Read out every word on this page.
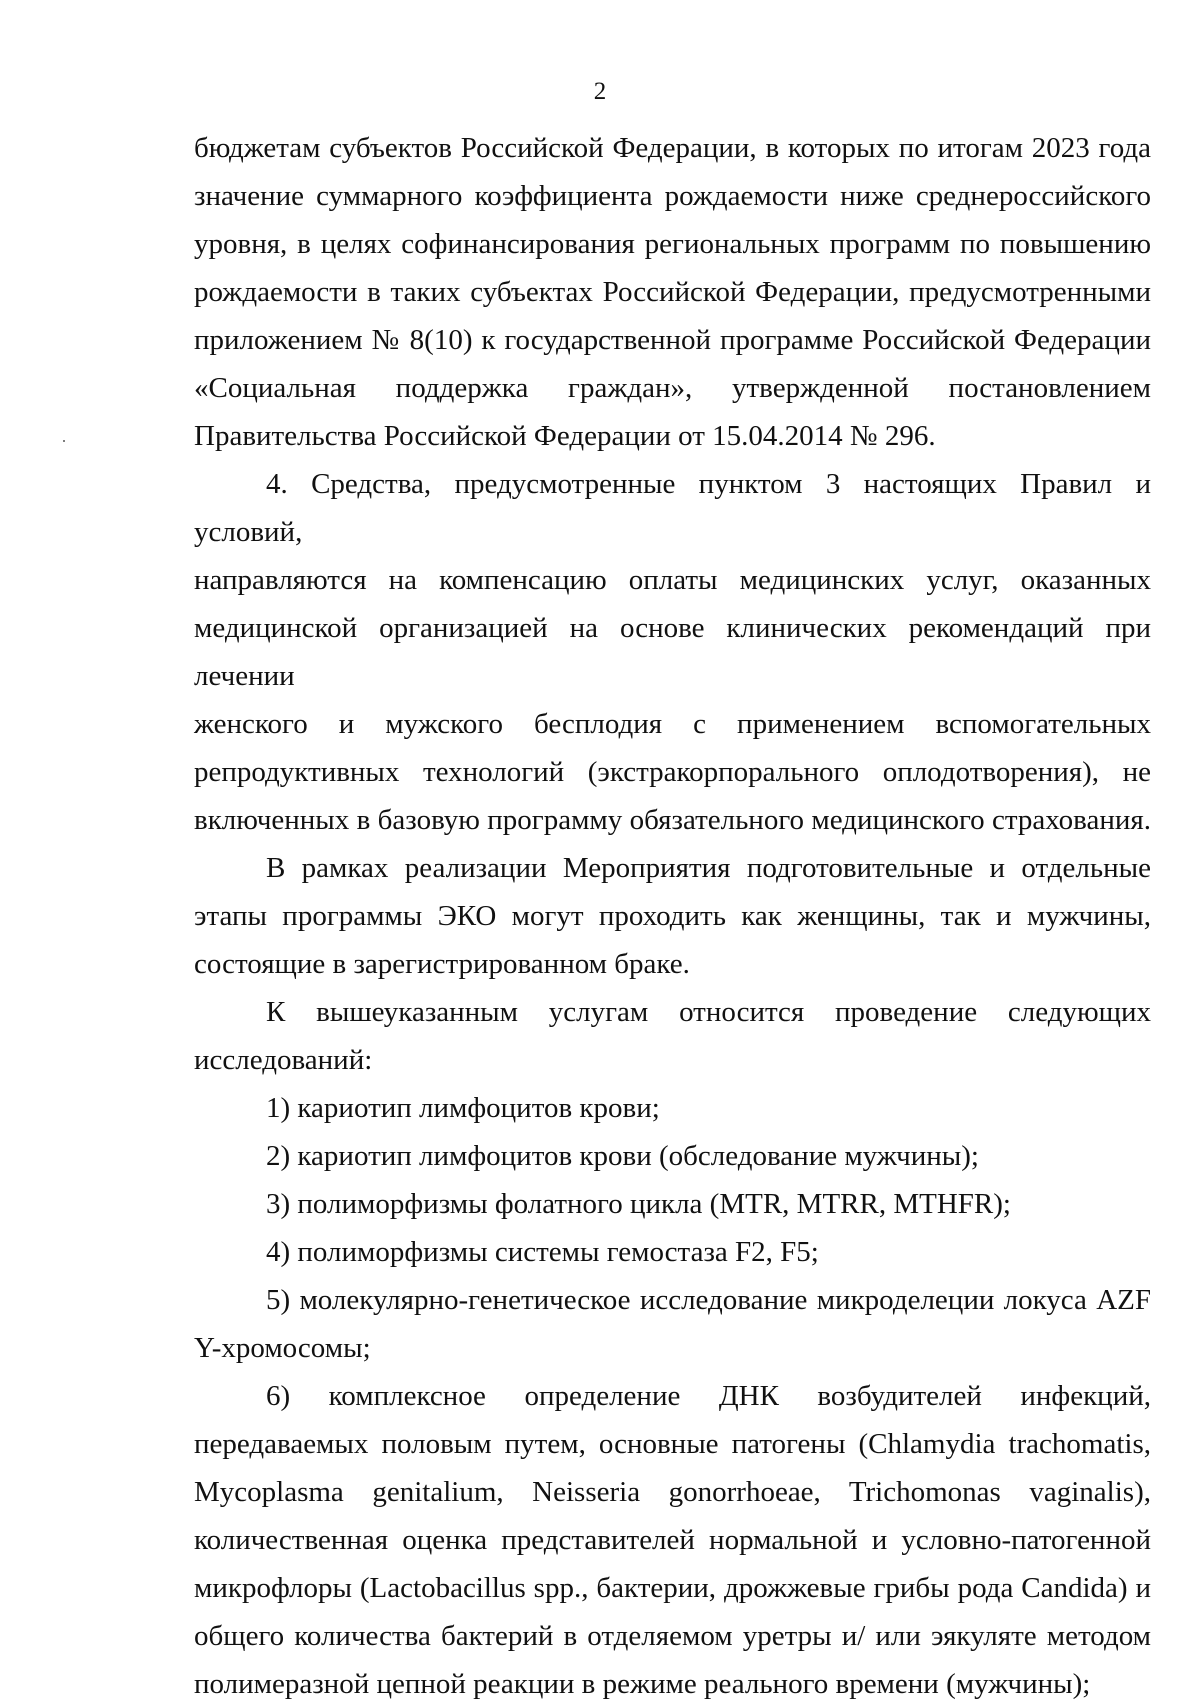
2

бюджетам субъектов Российской Федерации, в которых по итогам 2023 года

значение суммарного коэффициента рождаемости ниже среднероссийского

уровня, в целях софинансирования региональных программ по повышению

рождаемости в таких субъектах Российской Федерации, предусмотренными

приложением № 8(10) к государственной программе Российской Федерации

«Социальная поддержка граждан», утвержденной постановлением

Правительства Российской Федерации от 15.04.2014 № 296.

4. Средства, предусмотренные пунктом 3 настоящих Правил и условий,

направляются на компенсацию оплаты медицинских услуг, оказанных

медицинской организацией на основе клинических рекомендаций при лечении

женского и мужского бесплодия с применением вспомогательных

репродуктивных технологий (экстракорпорального оплодотворения), не

включенных в базовую программу обязательного медицинского страхования.

В рамках реализации Мероприятия подготовительные и отдельные

этапы программы ЭКО могут проходить как женщины, так и мужчины,

состоящие в зарегистрированном браке.

К вышеуказанным услугам относится проведение следующих

исследований:

1) кариотип лимфоцитов крови;

2) кариотип лимфоцитов крови (обследование мужчины);

3) полиморфизмы фолатного цикла (MTR, MTRR, MTHFR);

4) полиморфизмы системы гемостаза F2, F5;

5) молекулярно-генетическое исследование микроделеции локуса AZF

Y-хромосомы;

6) комплексное определение ДНК возбудителей инфекций,

передаваемых половым путем, основные патогены (Chlamydia trachomatis,

Mycoplasma genitalium, Neisseria gonorrhoeae, Trichomonas vaginalis),

количественная оценка представителей нормальной и условно-патогенной

микрофлоры (Lactobacillus spp., бактерии, дрожжевые грибы рода Candida) и

общего количества бактерий в отделяемом уретры и/ или эякуляте методом

полимеразной цепной реакции в режиме реального времени (мужчины);
